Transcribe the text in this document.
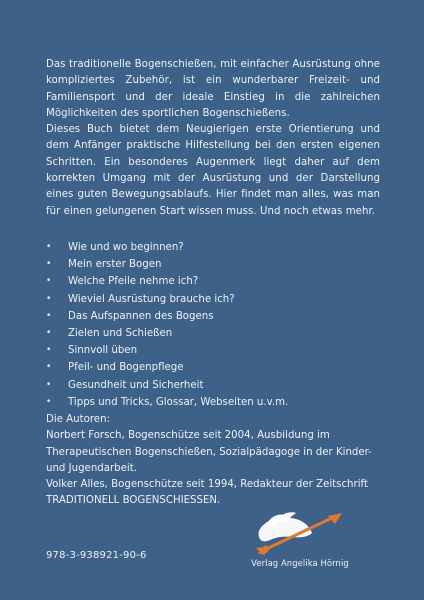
Das traditionelle Bogenschießen, mit einfacher Ausrüstung ohne kompliziertes Zubehör, ist ein wunderbarer Freizeit- und Familiensport und der ideale Einstieg in die zahlreichen Möglichkeiten des sportlichen Bogenschießens.

Dieses Buch bietet dem Neugierigen erste Orientierung und dem Anfänger praktische Hilfestellung bei den ersten eigenen Schritten. Ein besonderes Augenmerk liegt daher auf dem korrekten Umgang mit der Ausrüstung und der Darstellung eines guten Bewegungsablaufs. Hier findet man alles, was man für einen gelungenen Start wissen muss. Und noch etwas mehr.

•	Wie und wo beginnen?
•	Mein erster Bogen
•	Welche Pfeile nehme ich?
•	Wieviel Ausrüstung brauche ich?
•	Das Aufspannen des Bogens
•	Zielen und Schießen
•	Sinnvoll üben
•	Pfeil- und Bogenpflege
•	Gesundheit und Sicherheit
•	Tipps und Tricks, Glossar, Webseiten u.v.m.

Die Autoren:

Norbert Forsch, Bogenschütze seit 2004, Ausbildung im Therapeutischen Bogenschießen, Sozialpädagoge in der Kinder- und Jugendarbeit.

Volker Alles, Bogenschütze seit 1994, Redakteur der Zeitschrift

TRADITIONELL BOGENSCHIESSEN.

978-3-938921-90-6
Verlag Angelika Hörnig
